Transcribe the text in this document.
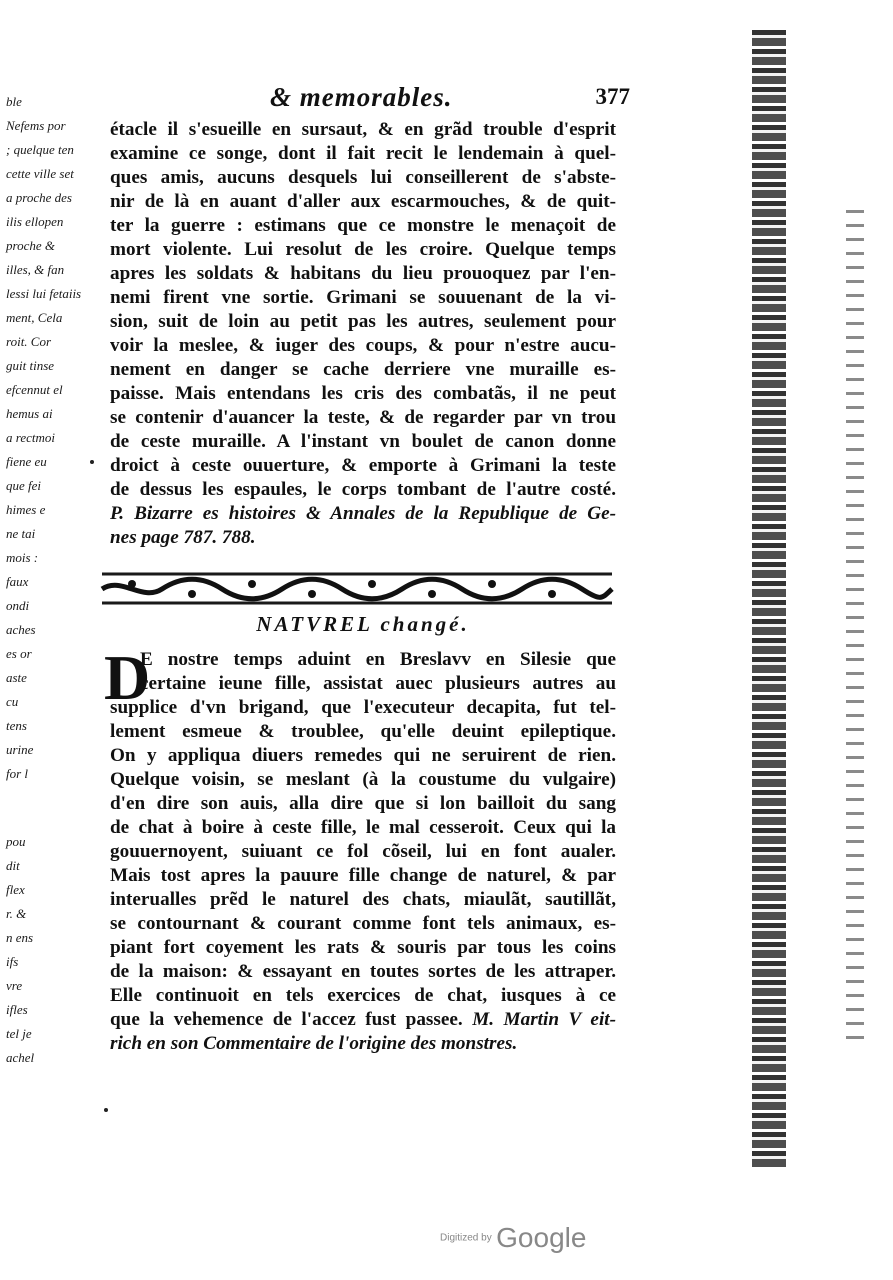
ble
Nefems por
; quelque ten
cette ville set
a proche des
ilis ellopen
proche &
illes, & fan
lessi lui fetaiis
ment, Cela
roit. Cor
guit tinse
efcennut el
hemus ai
a rectmoi
fiene eu
que fei
himes e
ne tai
mois :
faux
ondi
aches
es or
aste
cu
tens
urine
for l
pou
dit
flex
r. &
n ens
ifs
vre
ifles
tel je
achel
& memorables.	377
étacle il s'esueille en sursaut, & en grãd trouble d'esprit
examine ce songe, dont il fait recit le lendemain à quel-
ques amis, aucuns desquels lui conseillerent de s'abste-
nir de là en auant d'aller aux escarmouches, & de quit-
ter la guerre : estimans que ce monstre le menaçoit de
mort violente. Lui resolut de les croire. Quelque temps
apres les soldats & habitans du lieu prouoquez par l'en-
nemi firent vne sortie. Grimani se souuenant de la vi-
sion, suit de loin au petit pas les autres, seulement pour
voir la meslee, & iuger des coups, & pour n'estre aucu-
nement en danger se cache derriere vne muraille es-
paisse. Mais entendans les cris des combatãs, il ne peut
se contenir d'auancer la teste, & de regarder par vn trou
de ceste muraille. A l'instant vn boulet de canon donne
droict à ceste ouuerture, & emporte à Grimani la teste
de dessus les espaules, le corps tombant de l'autre costé.
P. Bizarre es histoires & Annales de la Republique de Ge-
nes page 787. 788.
NATVREL changé.
D
E nostre temps aduint en Breslavv en Silesie que
certaine ieune fille, assistat auec plusieurs autres au
supplice d'vn brigand, que l'executeur decapita, fut tel-
lement esmeue & troublee, qu'elle deuint epileptique.
On y appliqua diuers remedes qui ne seruirent de rien.
Quelque voisin, se meslant (à la coustume du vulgaire)
d'en dire son auis, alla dire que si lon bailloit du sang
de chat à boire à ceste fille, le mal cesseroit. Ceux qui la
gouuernoyent, suiuant ce fol cõseil, lui en font aualer.
Mais tost apres la pauure fille change de naturel, & par
interualles prẽd le naturel des chats, miaulãt, sautillãt,
se contournant & courant comme font tels animaux, es-
piant fort coyement les rats & souris par tous les coins
de la maison: & essayant en toutes sortes de les attraper.
Elle continuoit en tels exercices de chat, iusques à ce
que la vehemence de l'accez fust passee. M. Martin V eit-
rich en son Commentaire de l'origine des monstres.
Digitized by Google
